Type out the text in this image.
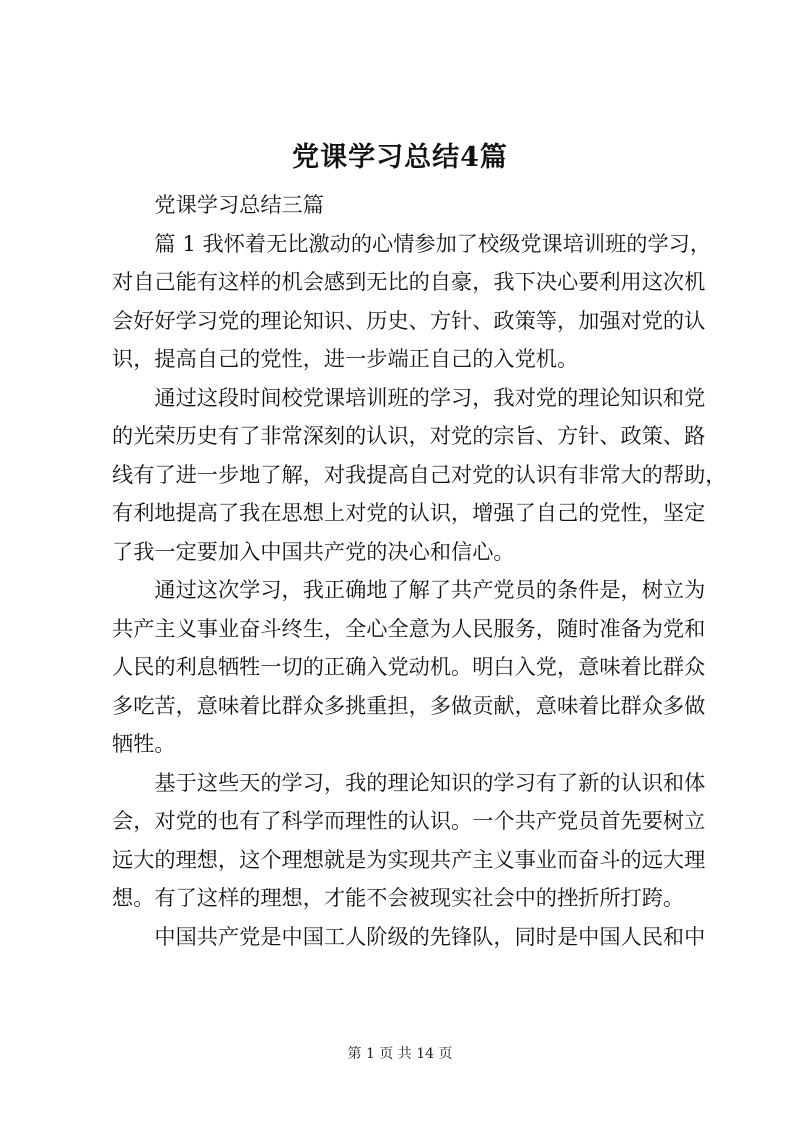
党课学习总结4篇

党课学习总结三篇

篇 1 我怀着无比激动的心情参加了校级党课培训班的学习，
对自己能有这样的机会感到无比的自豪，我下决心要利用这次机
会好好学习党的理论知识、历史、方针、政策等，加强对党的认
识，提高自己的党性，进一步端正自己的入党机。

通过这段时间校党课培训班的学习，我对党的理论知识和党
的光荣历史有了非常深刻的认识，对党的宗旨、方针、政策、路
线有了进一步地了解，对我提高自己对党的认识有非常大的帮助，
有利地提高了我在思想上对党的认识，增强了自己的党性，坚定
了我一定要加入中国共产党的决心和信心。

通过这次学习，我正确地了解了共产党员的条件是，树立为
共产主义事业奋斗终生，全心全意为人民服务，随时准备为党和
人民的利息牺牲一切的正确入党动机。明白入党，意味着比群众
多吃苦，意味着比群众多挑重担，多做贡献，意味着比群众多做
牺牲。

基于这些天的学习，我的理论知识的学习有了新的认识和体
会，对党的也有了科学而理性的认识。一个共产党员首先要树立
远大的理想，这个理想就是为实现共产主义事业而奋斗的远大理
想。有了这样的理想，才能不会被现实社会中的挫折所打跨。

中国共产党是中国工人阶级的先锋队，同时是中国人民和中

第 1 页 共 14 页
